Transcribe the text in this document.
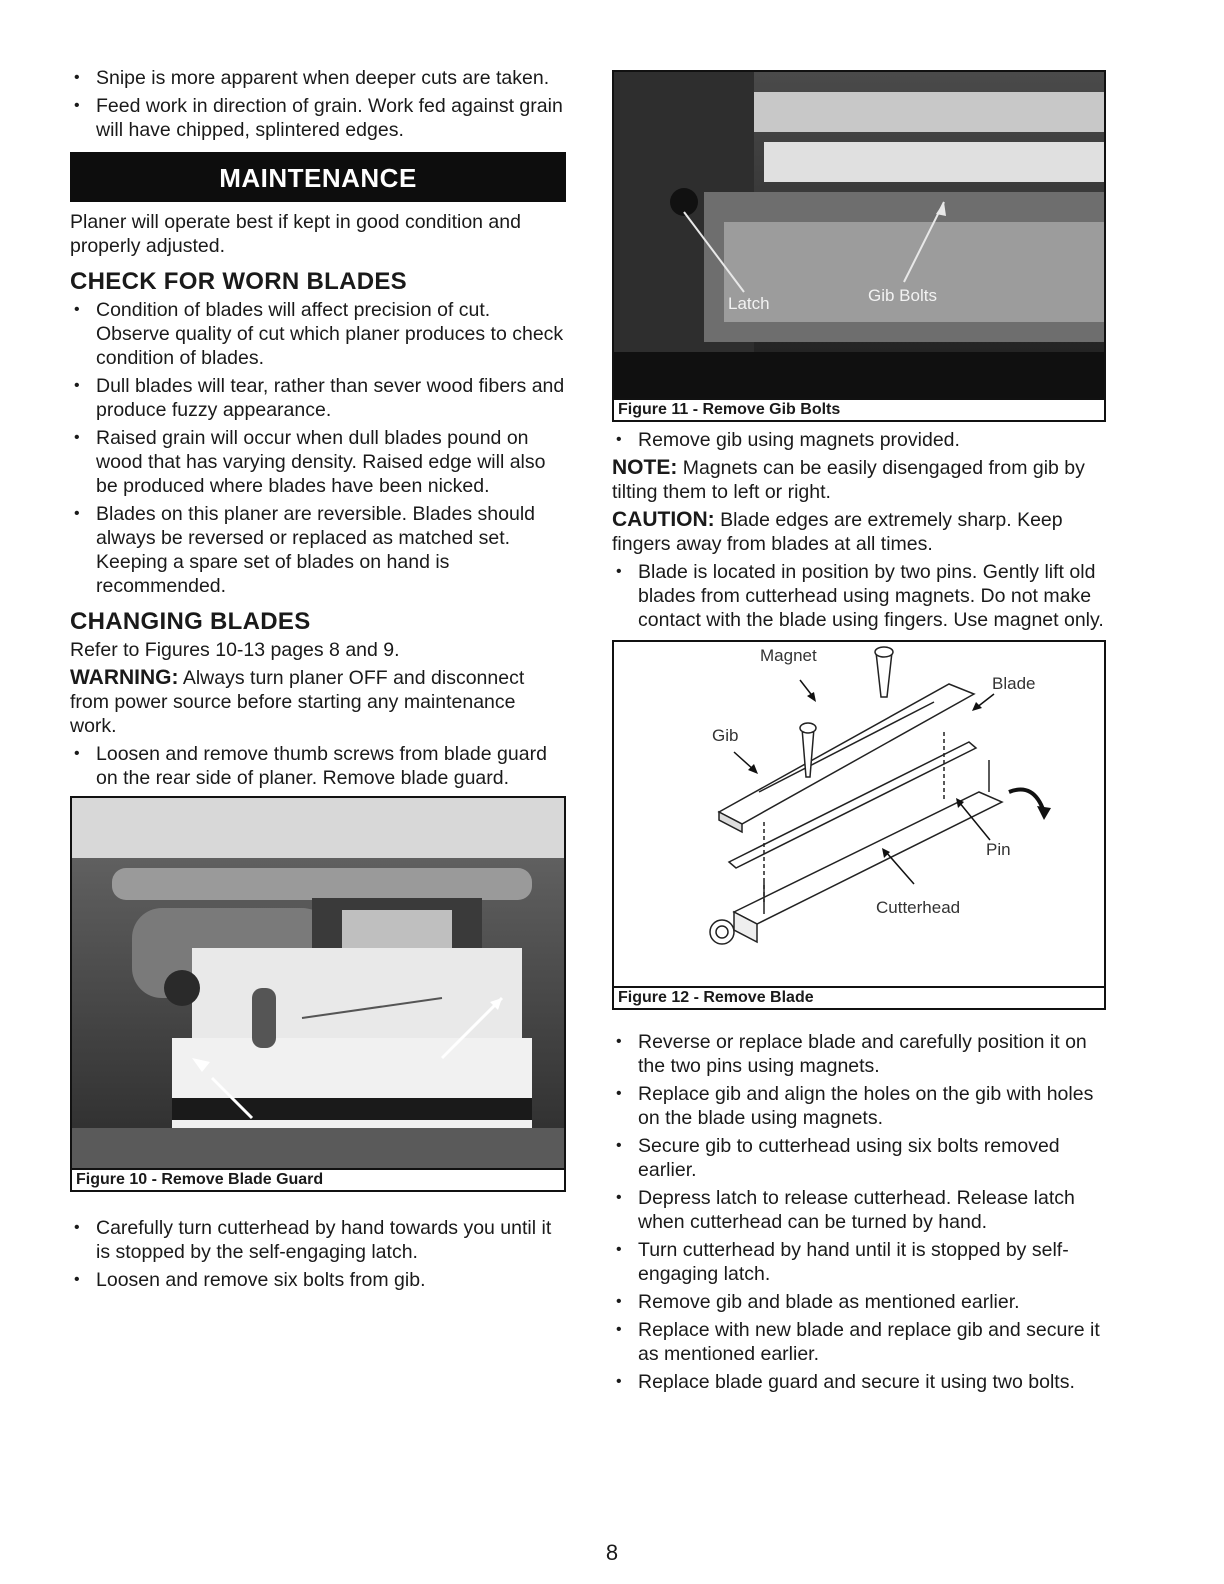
• Snipe is more apparent when deeper cuts are taken.
• Feed work in direction of grain. Work fed against grain will have chipped, splintered edges.
MAINTENANCE

Planer will operate best if kept in good condition and properly adjusted.

CHECK FOR WORN BLADES
• Condition of blades will affect precision of cut. Observe quality of cut which planer produces to check condition of blades.
• Dull blades will tear, rather than sever wood fibers and produce fuzzy appearance.
• Raised grain will occur when dull blades pound on wood that has varying density. Raised edge will also be produced where blades have been nicked.
• Blades on this planer are reversible. Blades should always be reversed or replaced as matched set. Keeping a spare set of blades on hand is recommended.
CHANGING BLADES

Refer to Figures 10-13 pages 8 and 9.

WARNING: Always turn planer OFF and disconnect from power source before starting any maintenance work.

• Loosen and remove thumb screws from blade guard on the rear side of planer. Remove blade guard.
Figure 10 - Remove Blade Guard
• Carefully turn cutterhead by hand towards you until it is stopped by the self-engaging latch.
• Loosen and remove six bolts from gib.
Latch	Gib Bolts
Figure 11 - Remove Gib Bolts
• Remove gib using magnets provided.

NOTE: Magnets can be easily disengaged from gib by tilting them to left or right.

CAUTION: Blade edges are extremely sharp. Keep fingers away from blades at all times.

• Blade is located in position by two pins. Gently lift old blades from cutterhead using magnets. Do not make contact with the blade using fingers. Use magnet only.
Magnet
Blade
Gib
Pin
Cutterhead
Figure 12 - Remove Blade
• Reverse or replace blade and carefully position it on the two pins using magnets.
• Replace gib and align the holes on the gib with holes on the blade using magnets.
• Secure gib to cutterhead using six bolts removed earlier.
• Depress latch to release cutterhead. Release latch when cutterhead can be turned by hand.
• Turn cutterhead by hand until it is stopped by self-engaging latch.
• Remove gib and blade as mentioned earlier.
• Replace with new blade and replace gib and secure it as mentioned earlier.
• Replace blade guard and secure it using two bolts.
8
